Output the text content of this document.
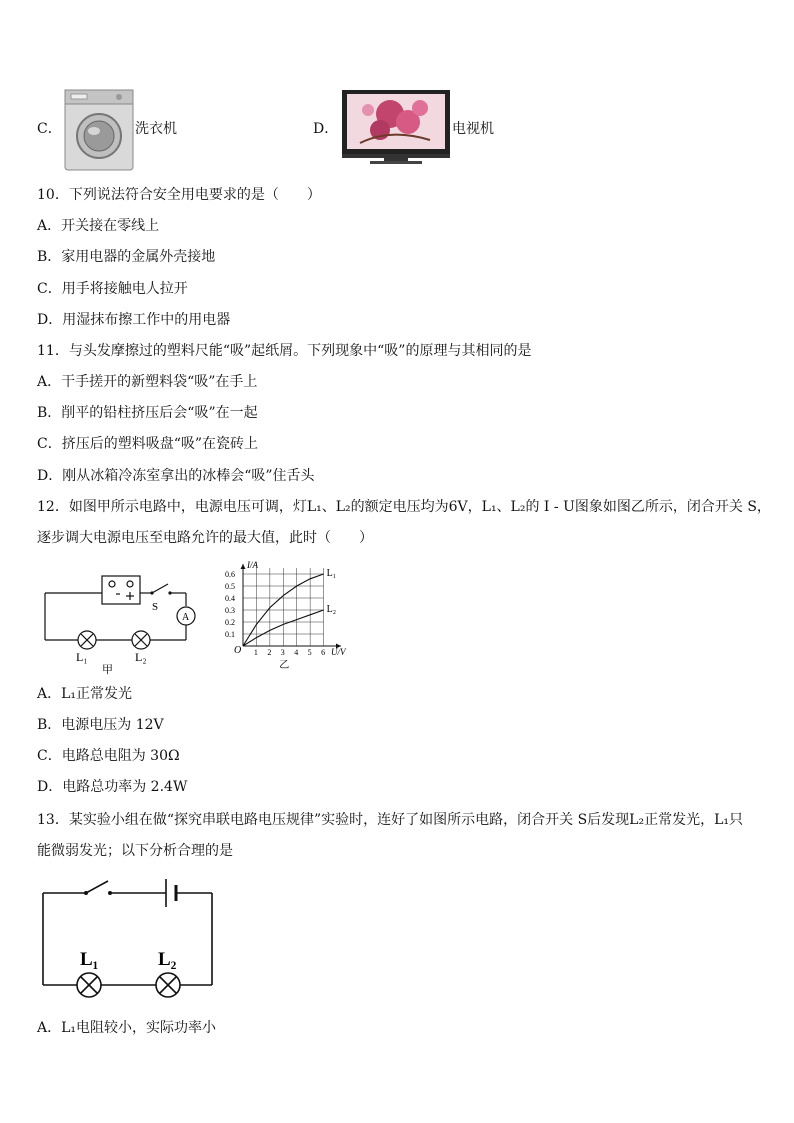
C．	洗衣机	D．	电视机
10．下列说法符合安全用电要求的是（　　）
A．开关接在零线上
B．家用电器的金属外壳接地
C．用手将接触电人拉开
D．用湿抹布擦工作中的用电器
11．与头发摩擦过的塑料尺能“吸”起纸屑。下列现象中“吸”的原理与其相同的是
A．干手搓开的新塑料袋“吸”在手上
B．削平的铅柱挤压后会“吸”在一起
C．挤压后的塑料吸盘“吸”在瓷砖上
D．刚从冰箱冷冻室拿出的冰棒会“吸”住舌头
12．如图甲所示电路中，电源电压可调，灯L₁、L₂的额定电压均为6V，L₁、L₂的 I - U图象如图乙所示，闭合开关 S，
逐步调大电源电压至电路允许的最大值，此时（　　）
S
A
L₁	L₂
甲
1 2 3 4 5 6
0.1
0.2
0.3
0.4
0.5
0.6
O
I/A
U/V
乙
L₁
L₂
A．L₁正常发光
B．电源电压为 12V
C．电路总电阻为 30Ω
D．电路总功率为 2.4W
13．某实验小组在做“探究串联电路电压规律”实验时，连好了如图所示电路，闭合开关 S后发现L₂正常发光，L₁只
能微弱发光；以下分析合理的是
L₁	L₂
A．L₁电阻较小，实际功率小
